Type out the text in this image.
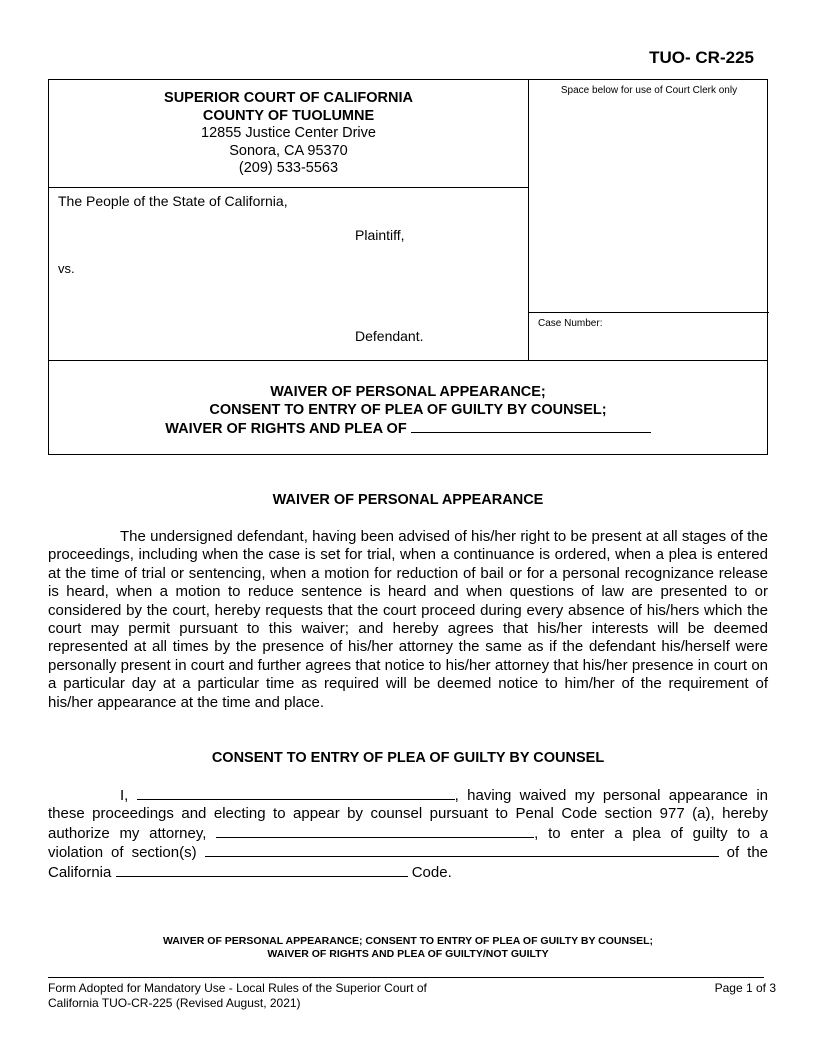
TUO- CR-225
SUPERIOR COURT OF CALIFORNIA
COUNTY OF TUOLUMNE
12855 Justice Center Drive
Sonora, CA 95370
(209) 533-5563
Space below for use of Court Clerk only
Case Number:
The People of the State of California,
Plaintiff,
vs.
Defendant.
WAIVER OF PERSONAL APPEARANCE;
CONSENT TO ENTRY OF PLEA OF GUILTY BY COUNSEL;
WAIVER OF RIGHTS AND PLEA OF
WAIVER OF PERSONAL APPEARANCE
The undersigned defendant, having been advised of his/her right to be present at all stages of the proceedings, including when the case is set for trial, when a continuance is ordered, when a plea is entered at the time of trial or sentencing, when a motion for reduction of bail or for a personal recognizance release is heard, when a motion to reduce sentence is heard and when questions of law are presented to or considered by the court, hereby requests that the court proceed during every absence of his/hers which the court may permit pursuant to this waiver; and hereby agrees that his/her interests will be deemed represented at all times by the presence of his/her attorney the same as if the defendant his/herself were personally present in court and further agrees that notice to his/her attorney that his/her presence in court on a particular day at a particular time as required will be deemed notice to him/her of the requirement of his/her appearance at the time and place.
CONSENT TO ENTRY OF PLEA OF GUILTY BY COUNSEL
I,	, having waived my personal appearance in
these proceedings and electing to appear by counsel pursuant to Penal Code section 977 (a), hereby
authorize my attorney,	, to enter a plea of guilty to a
violation of section(s)	of the
California	Code.
WAIVER OF PERSONAL APPEARANCE; CONSENT TO ENTRY OF PLEA OF GUILTY BY COUNSEL;
WAIVER OF RIGHTS AND PLEA OF GUILTY/NOT GUILTY
Form Adopted for Mandatory Use - Local Rules of the Superior Court of
California TUO-CR-225 (Revised August, 2021)
Page 1 of 3
